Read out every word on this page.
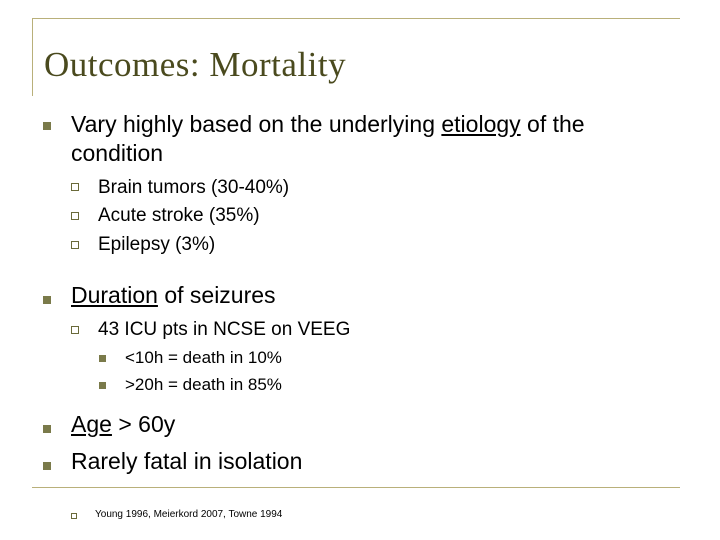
Outcomes: Mortality
Vary highly based on the underlying etiology of the
condition
Brain tumors (30-40%)
Acute stroke (35%)
Epilepsy (3%)
Duration of seizures
43 ICU pts in NCSE on VEEG
<10h = death in 10%
>20h = death in 85%
Age > 60y
Rarely fatal in isolation
Young 1996, Meierkord 2007, Towne 1994
